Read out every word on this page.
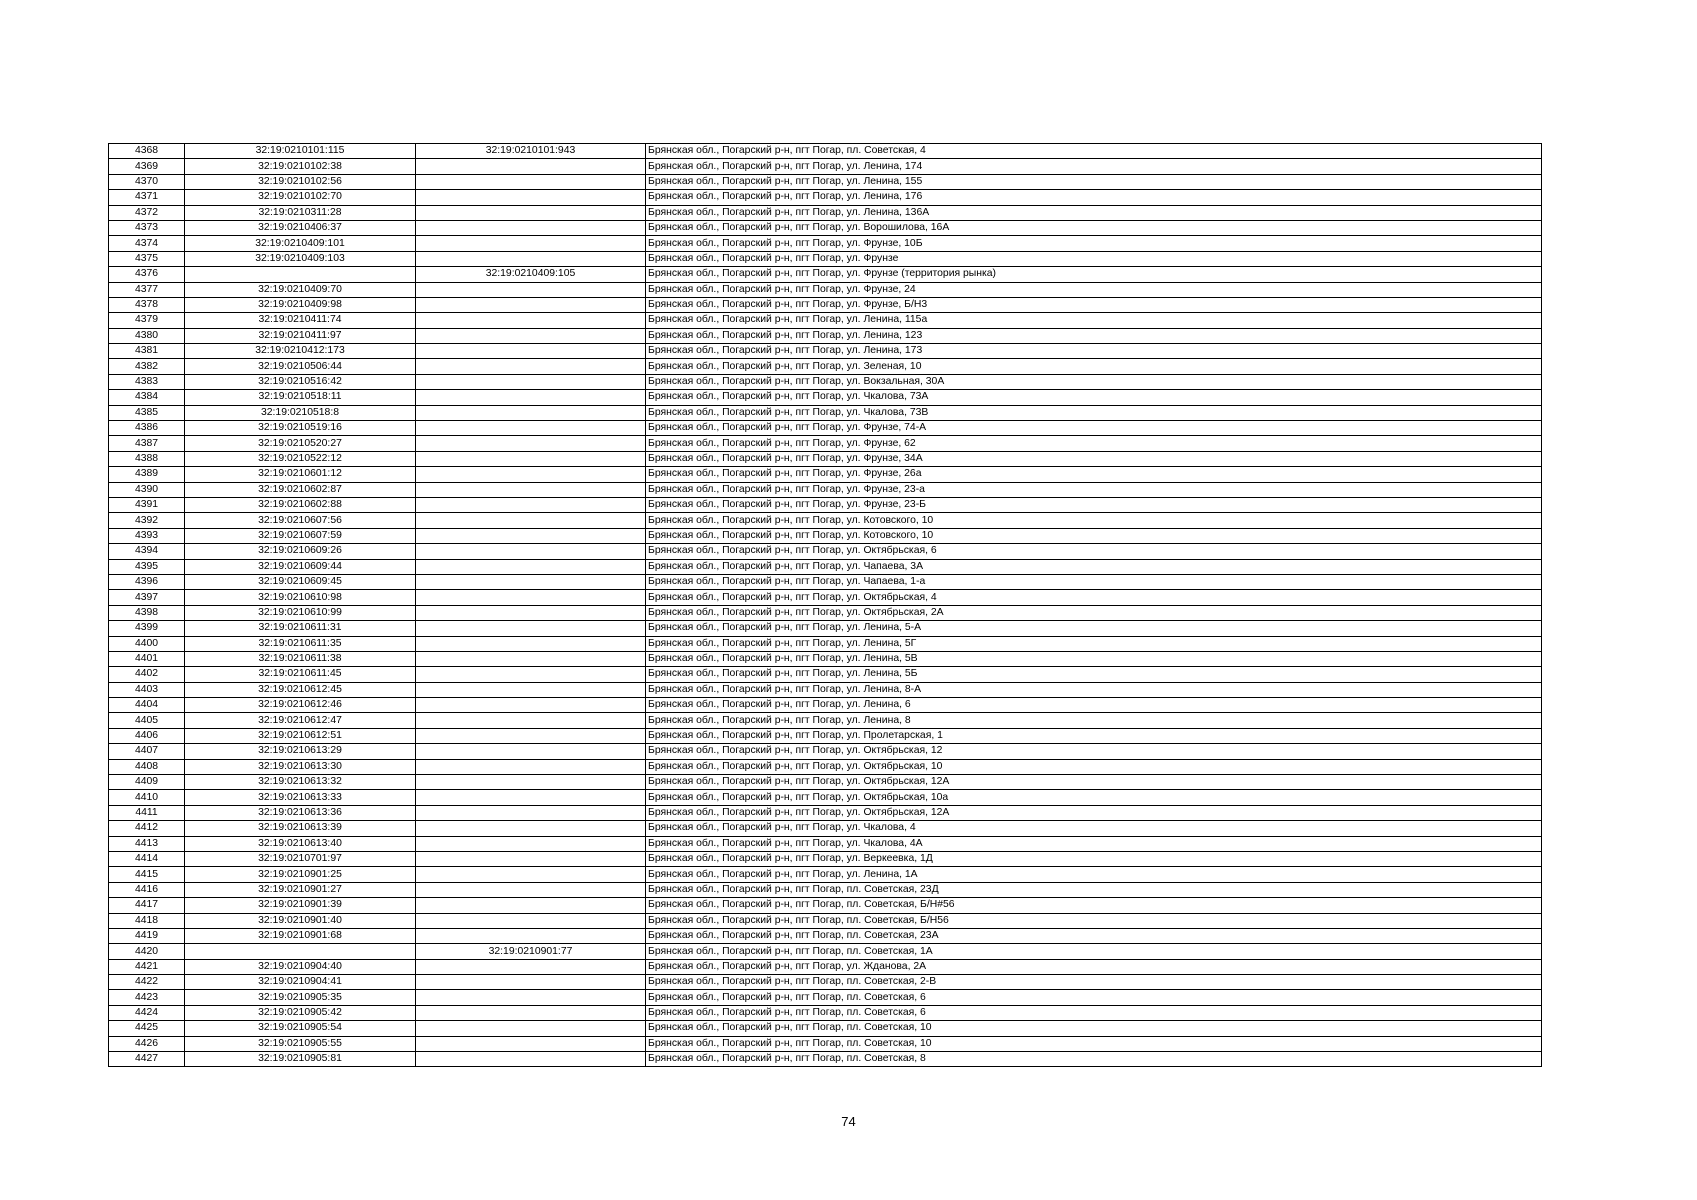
4368	32:19:0210101:115	32:19:0210101:943	Брянская обл., Погарский р-н, пгт Погар, пл. Советская, 4
4369	32:19:0210102:38		Брянская обл., Погарский р-н, пгт Погар, ул. Ленина, 174
4370	32:19:0210102:56		Брянская обл., Погарский р-н, пгт Погар, ул. Ленина, 155
4371	32:19:0210102:70		Брянская обл., Погарский р-н, пгт Погар, ул. Ленина, 176
4372	32:19:0210311:28		Брянская обл., Погарский р-н, пгт Погар, ул. Ленина, 136А
4373	32:19:0210406:37		Брянская обл., Погарский р-н, пгт Погар, ул. Ворошилова, 16А
4374	32:19:0210409:101		Брянская обл., Погарский р-н, пгт Погар, ул. Фрунзе, 10Б
4375	32:19:0210409:103		Брянская обл., Погарский р-н, пгт Погар, ул. Фрунзе
4376		32:19:0210409:105	Брянская обл., Погарский р-н, пгт Погар, ул. Фрунзе (территория рынка)
4377	32:19:0210409:70		Брянская обл., Погарский р-н, пгт Погар, ул. Фрунзе, 24
4378	32:19:0210409:98		Брянская обл., Погарский р-н, пгт Погар, ул. Фрунзе, Б/Н3
4379	32:19:0210411:74		Брянская обл., Погарский р-н, пгт Погар, ул. Ленина, 115а
4380	32:19:0210411:97		Брянская обл., Погарский р-н, пгт Погар, ул. Ленина, 123
4381	32:19:0210412:173		Брянская обл., Погарский р-н, пгт Погар, ул. Ленина, 173
4382	32:19:0210506:44		Брянская обл., Погарский р-н, пгт Погар, ул. Зеленая, 10
4383	32:19:0210516:42		Брянская обл., Погарский р-н, пгт Погар, ул. Вокзальная, 30А
4384	32:19:0210518:11		Брянская обл., Погарский р-н, пгт Погар, ул. Чкалова, 73А
4385	32:19:0210518:8		Брянская обл., Погарский р-н, пгт Погар, ул. Чкалова, 73В
4386	32:19:0210519:16		Брянская обл., Погарский р-н, пгт Погар, ул. Фрунзе, 74-А
4387	32:19:0210520:27		Брянская обл., Погарский р-н, пгт Погар, ул. Фрунзе, 62
4388	32:19:0210522:12		Брянская обл., Погарский р-н, пгт Погар, ул. Фрунзе, 34А
4389	32:19:0210601:12		Брянская обл., Погарский р-н, пгт Погар, ул. Фрунзе, 26а
4390	32:19:0210602:87		Брянская обл., Погарский р-н, пгт Погар, ул. Фрунзе, 23-а
4391	32:19:0210602:88		Брянская обл., Погарский р-н, пгт Погар, ул. Фрунзе, 23-Б
4392	32:19:0210607:56		Брянская обл., Погарский р-н, пгт Погар, ул. Котовского, 10
4393	32:19:0210607:59		Брянская обл., Погарский р-н, пгт Погар, ул. Котовского, 10
4394	32:19:0210609:26		Брянская обл., Погарский р-н, пгт Погар, ул. Октябрьская, 6
4395	32:19:0210609:44		Брянская обл., Погарский р-н, пгт Погар, ул. Чапаева, 3А
4396	32:19:0210609:45		Брянская обл., Погарский р-н, пгт Погар, ул. Чапаева, 1-а
4397	32:19:0210610:98		Брянская обл., Погарский р-н, пгт Погар, ул. Октябрьская, 4
4398	32:19:0210610:99		Брянская обл., Погарский р-н, пгт Погар, ул. Октябрьская, 2А
4399	32:19:0210611:31		Брянская обл., Погарский р-н, пгт Погар, ул. Ленина, 5-А
4400	32:19:0210611:35		Брянская обл., Погарский р-н, пгт Погар, ул. Ленина, 5Г
4401	32:19:0210611:38		Брянская обл., Погарский р-н, пгт Погар, ул. Ленина, 5В
4402	32:19:0210611:45		Брянская обл., Погарский р-н, пгт Погар, ул. Ленина, 5Б
4403	32:19:0210612:45		Брянская обл., Погарский р-н, пгт Погар, ул. Ленина, 8-А
4404	32:19:0210612:46		Брянская обл., Погарский р-н, пгт Погар, ул. Ленина, 6
4405	32:19:0210612:47		Брянская обл., Погарский р-н, пгт Погар, ул. Ленина, 8
4406	32:19:0210612:51		Брянская обл., Погарский р-н, пгт Погар, ул. Пролетарская, 1
4407	32:19:0210613:29		Брянская обл., Погарский р-н, пгт Погар, ул. Октябрьская, 12
4408	32:19:0210613:30		Брянская обл., Погарский р-н, пгт Погар, ул. Октябрьская, 10
4409	32:19:0210613:32		Брянская обл., Погарский р-н, пгт Погар, ул. Октябрьская, 12А
4410	32:19:0210613:33		Брянская обл., Погарский р-н, пгт Погар, ул. Октябрьская, 10а
4411	32:19:0210613:36		Брянская обл., Погарский р-н, пгт Погар, ул. Октябрьская, 12А
4412	32:19:0210613:39		Брянская обл., Погарский р-н, пгт Погар, ул. Чкалова, 4
4413	32:19:0210613:40		Брянская обл., Погарский р-н, пгт Погар, ул. Чкалова, 4А
4414	32:19:0210701:97		Брянская обл., Погарский р-н, пгт Погар, ул. Веркеевка, 1Д
4415	32:19:0210901:25		Брянская обл., Погарский р-н, пгт Погар, ул. Ленина, 1А
4416	32:19:0210901:27		Брянская обл., Погарский р-н, пгт Погар, пл. Советская, 23Д
4417	32:19:0210901:39		Брянская обл., Погарский р-н, пгт Погар, пл. Советская, Б/Н#56
4418	32:19:0210901:40		Брянская обл., Погарский р-н, пгт Погар, пл. Советская, Б/Н56
4419	32:19:0210901:68		Брянская обл., Погарский р-н, пгт Погар, пл. Советская, 23А
4420		32:19:0210901:77	Брянская обл., Погарский р-н, пгт Погар, пл. Советская, 1А
4421	32:19:0210904:40		Брянская обл., Погарский р-н, пгт Погар, ул. Жданова, 2А
4422	32:19:0210904:41		Брянская обл., Погарский р-н, пгт Погар, пл. Советская, 2-В
4423	32:19:0210905:35		Брянская обл., Погарский р-н, пгт Погар, пл. Советская, 6
4424	32:19:0210905:42		Брянская обл., Погарский р-н, пгт Погар, пл. Советская, 6
4425	32:19:0210905:54		Брянская обл., Погарский р-н, пгт Погар, пл. Советская, 10
4426	32:19:0210905:55		Брянская обл., Погарский р-н, пгт Погар, пл. Советская, 10
4427	32:19:0210905:81		Брянская обл., Погарский р-н, пгт Погар, пл. Советская, 8
74
